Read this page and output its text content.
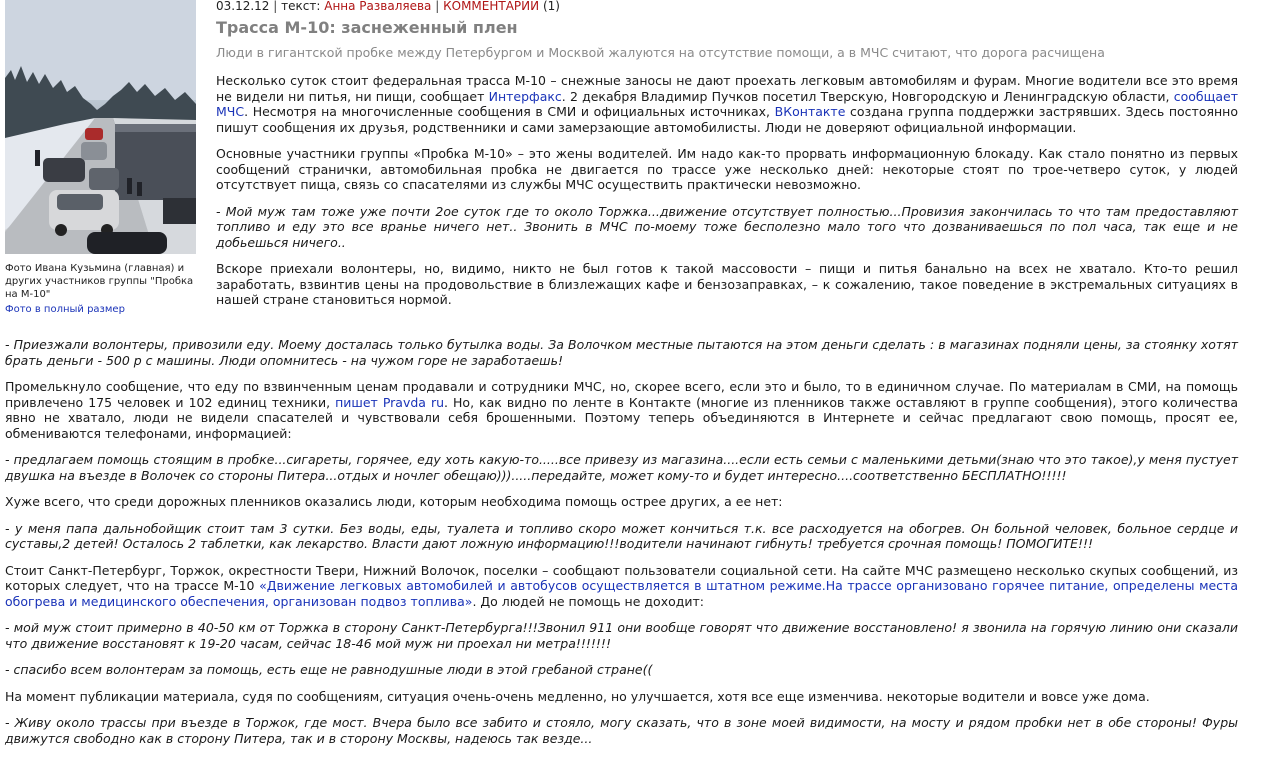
Фото Ивана Кузьмина (главная) и других участников группы "Пробка на М-10"
Фото в полный размер
03.12.12 | текст: Анна Разваляева | КОММЕНТАРИИ (1)
Трасса М-10: заснеженный плен
Люди в гигантской пробке между Петербургом и Москвой жалуются на отсутствие помощи, а в МЧС считают, что дорога расчищена

Несколько суток стоит федеральная трасса М-10 – снежные заносы не дают проехать легковым автомобилям и фурам. Многие водители все это время не видели ни питья, ни пищи, сообщает Интерфакс. 2 декабря Владимир Пучков посетил Тверскую, Новгородскую и Ленинградскую области, сообщает МЧС. Несмотря на многочисленные сообщения в СМИ и официальных источниках, ВКонтакте создана группа поддержки застрявших. Здесь постоянно пишут сообщения их друзья, родственники и сами замерзающие автомобилисты. Люди не доверяют официальной информации.

Основные участники группы «Пробка М-10» – это жены водителей. Им надо как-то прорвать информационную блокаду. Как стало понятно из первых сообщений странички, автомобильная пробка не двигается по трассе уже несколько дней: некоторые стоят по трое-четверо суток, у людей отсутствует пища, связь со спасателями из службы МЧС осуществить практически невозможно.

- Мой муж там тоже уже почти 2ое суток где то около Торжка...движение отсутствует полностью...Провизия закончилась то что там предоставляют топливо и еду это все вранье ничего нет.. Звонить в МЧС по-моему тоже бесполезно мало того что дозваниваешься по пол часа, так еще и не добьешься ничего..

Вскоре приехали волонтеры, но, видимо, никто не был готов к такой массовости – пищи и питья банально на всех не хватало. Кто-то решил заработать, взвинтив цены на продовольствие в близлежащих кафе и бензозаправках, – к сожалению, такое поведение в экстремальных ситуациях в нашей стране становиться нормой.

- Приезжали волонтеры, привозили еду. Моему досталась только бутылка воды. За Волочком местные пытаются на этом деньги сделать : в магазинах подняли цены, за стоянку хотят брать деньги - 500 р с машины. Люди опомнитесь - на чужом горе не заработаешь!

Промелькнуло сообщение, что еду по взвинченным ценам продавали и сотрудники МЧС, но, скорее всего, если это и было, то в единичном случае. По материалам в СМИ, на помощь привлечено 175 человек и 102 единиц техники, пишет Pravda ru. Но, как видно по ленте в Контакте (многие из пленников также оставляют в группе сообщения), этого количества явно не хватало, люди не видели спасателей и чувствовали себя брошенными. Поэтому теперь объединяются в Интернете и сейчас предлагают свою помощь, просят ее, обмениваются телефонами, информацией:

- предлагаем помощь стоящим в пробке...сигареты, горячее, еду хоть какую-то.....все привезу из магазина....если есть семьи с маленькими детьми(знаю что это такое),у меня пустует двушка на въезде в Волочек со стороны Питера...отдых и ночлег обещаю))).....передайте, может кому-то и будет интересно....соответственно БЕСПЛАТНО!!!!!

Хуже всего, что среди дорожных пленников оказались люди, которым необходима помощь острее других, а ее нет:

- у меня папа дальнобойщик стоит там 3 сутки. Без воды, еды, туалета и топливо скоро может кончиться т.к. все расходуется на обогрев. Он больной человек, больное сердце и суставы,2 детей! Осталось 2 таблетки, как лекарство. Власти дают ложную информацию!!!водители начинают гибнуть! требуется срочная помощь! ПОМОГИТЕ!!!

Стоит Санкт-Петербург, Торжок, окрестности Твери, Нижний Волочок, поселки – сообщают пользователи социальной сети. На сайте МЧС размещено несколько скупых сообщений, из которых следует, что на трассе М-10 «Движение легковых автомобилей и автобусов осуществляется в штатном режиме.На трассе организовано горячее питание, определены места обогрева и медицинского обеспечения, организован подвоз топлива». До людей не помощь не доходит:

- мой муж стоит примерно в 40-50 км от Торжка в сторону Санкт-Петербурга!!!Звонил 911 они вообще говорят что движение восстановлено! я звонила на горячую линию они сказали что движение восстановят к 19-20 часам, сейчас 18-46 мой муж ни проехал ни метра!!!!!!!

- спасибо всем волонтерам за помощь, есть еще не равнодушные люди в этой гребаной стране((

На момент публикации материала, судя по сообщениям, ситуация очень-очень медленно, но улучшается, хотя все еще изменчива. некоторые водители и вовсе уже дома.

- Живу около трассы при въезде в Торжок, где мост. Вчера было все забито и стояло, могу сказать, что в зоне моей видимости, на мосту и рядом пробки нет в обе стороны! Фуры движутся свободно как в сторону Питера, так и в сторону Москвы, надеюсь так везде...
